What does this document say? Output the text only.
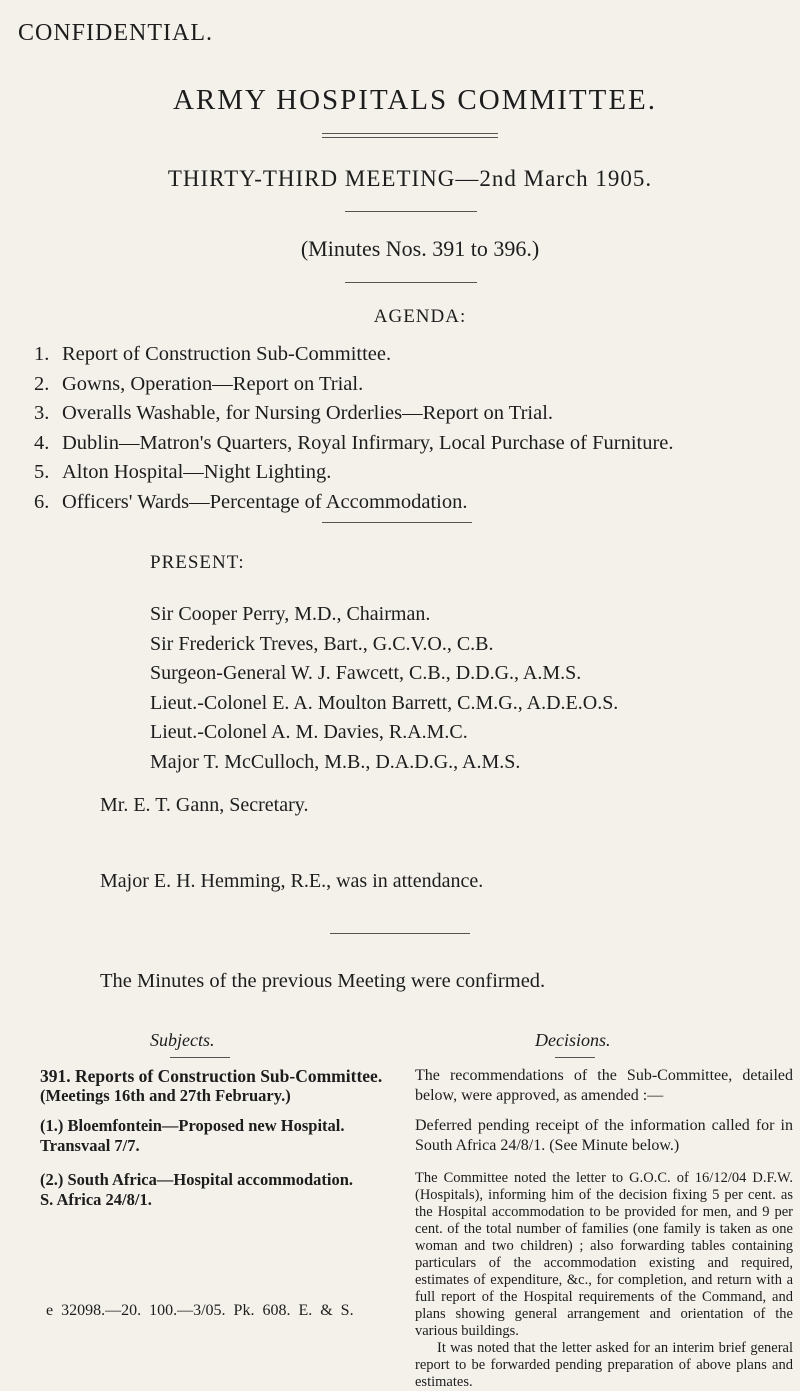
CONFIDENTIAL.
ARMY HOSPITALS COMMITTEE.
THIRTY-THIRD MEETING—2nd March 1905.
(Minutes Nos. 391 to 396.)
AGENDA:
1. Report of Construction Sub-Committee.
2. Gowns, Operation—Report on Trial.
3. Overalls Washable, for Nursing Orderlies—Report on Trial.
4. Dublin—Matron's Quarters, Royal Infirmary, Local Purchase of Furniture.
5. Alton Hospital—Night Lighting.
6. Officers' Wards—Percentage of Accommodation.
PRESENT:
Sir Cooper Perry, M.D., Chairman.
Sir Frederick Treves, Bart., G.C.V.O., C.B.
Surgeon-General W. J. Fawcett, C.B., D.D.G., A.M.S.
Lieut.-Colonel E. A. Moulton Barrett, C.M.G., A.D.E.O.S.
Lieut.-Colonel A. M. Davies, R.A.M.C.
Major T. McCulloch, M.B., D.A.D.G., A.M.S.
Mr. E. T. Gann, Secretary.
Major E. H. Hemming, R.E., was in attendance.
The Minutes of the previous Meeting were confirmed.
Subjects.	Decisions.
391. Reports of Construction Sub-Committee.
(Meetings 16th and 27th February.)
The recommendations of the Sub-Committee, detailed below, were approved, as amended :—
(1.) Bloemfontein—Proposed new Hospital.
Transvaal 7/7.
Deferred pending receipt of the information called for in South Africa 24/8/1. (See Minute below.)
(2.) South Africa—Hospital accommodation.
S. Africa 24/8/1.
The Committee noted the letter to G.O.C. of 16/12/04 D.F.W. (Hospitals), informing him of the decision fixing 5 per cent. as the Hospital accommodation to be provided for men, and 9 per cent. of the total number of families (one family is taken as one woman and two children) ; also forwarding tables containing particulars of the accommodation existing and required, estimates of expenditure, &c., for completion, and return with a full report of the Hospital requirements of the Command, and plans showing general arrangement and orientation of the various buildings.
It was noted that the letter asked for an interim brief general report to be forwarded pending preparation of above plans and estimates.
e 32098.—20. 100.—3/05. Pk. 608. E. & S.
